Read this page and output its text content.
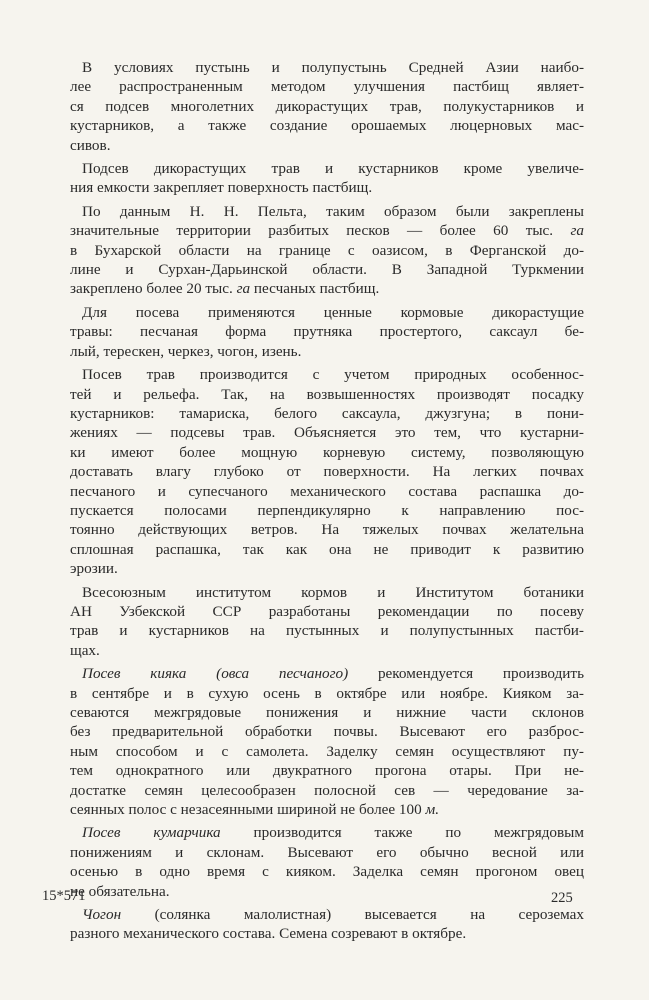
В условиях пустынь и полупустынь Средней Азии наибо-
лее распространенным методом улучшения пастбищ являет-
ся подсев многолетних дикорастущих трав, полукустарников и
кустарников, а также создание орошаемых люцерновых мас-
сивов.

Подсев дикорастущих трав и кустарников кроме увеличе-
ния емкости закрепляет поверхность пастбищ.

По данным Н. Н. Пельта, таким образом были закреплены
значительные территории разбитых песков — более 60 тыс. га
в Бухарской области на границе с оазисом, в Ферганской до-
лине и Сурхан-Дарьинской области. В Западной Туркмении
закреплено более 20 тыс. га песчаных пастбищ.

Для посева применяются ценные кормовые дикорастущие
травы: песчаная форма прутняка простертого, саксаул бе-
лый, терескен, черкез, чогон, изень.

Посев трав производится с учетом природных особеннос-
тей и рельефа. Так, на возвышенностях производят посадку
кустарников: тамариска, белого саксаула, джузгуна; в пони-
жениях — подсевы трав. Объясняется это тем, что кустарни-
ки имеют более мощную корневую систему, позволяющую
доставать влагу глубоко от поверхности. На легких почвах
песчаного и супесчаного механического состава распашка до-
пускается полосами перпендикулярно к направлению пос-
тоянно действующих ветров. На тяжелых почвах желательна
сплошная распашка, так как она не приводит к развитию
эрозии.

Всесоюзным институтом кормов и Институтом ботаники
АН Узбекской ССР разработаны рекомендации по посеву
трав и кустарников на пустынных и полупустынных пастби-
щах.

Посев кияка (овса песчаного) рекомендуется производить
в сентябре и в сухую осень в октябре или ноябре. Кияком за-
севаются межгрядовые понижения и нижние части склонов
без предварительной обработки почвы. Высевают его разброс-
ным способом и с самолета. Заделку семян осуществляют пу-
тем однократного или двукратного прогона отары. При не-
достатке семян целесообразен полосной сев — чередование за-
сеянных полос с незасеянными шириной не более 100 м.

Посев кумарчика производится также по межгрядовым
понижениям и склонам. Высевают его обычно весной или
осенью в одно время с кияком. Заделка семян прогоном овец
не обязательна.

Чогон (солянка малолистная) высевается на сероземах
разного механического состава. Семена созревают в октябре.

15*571	225
